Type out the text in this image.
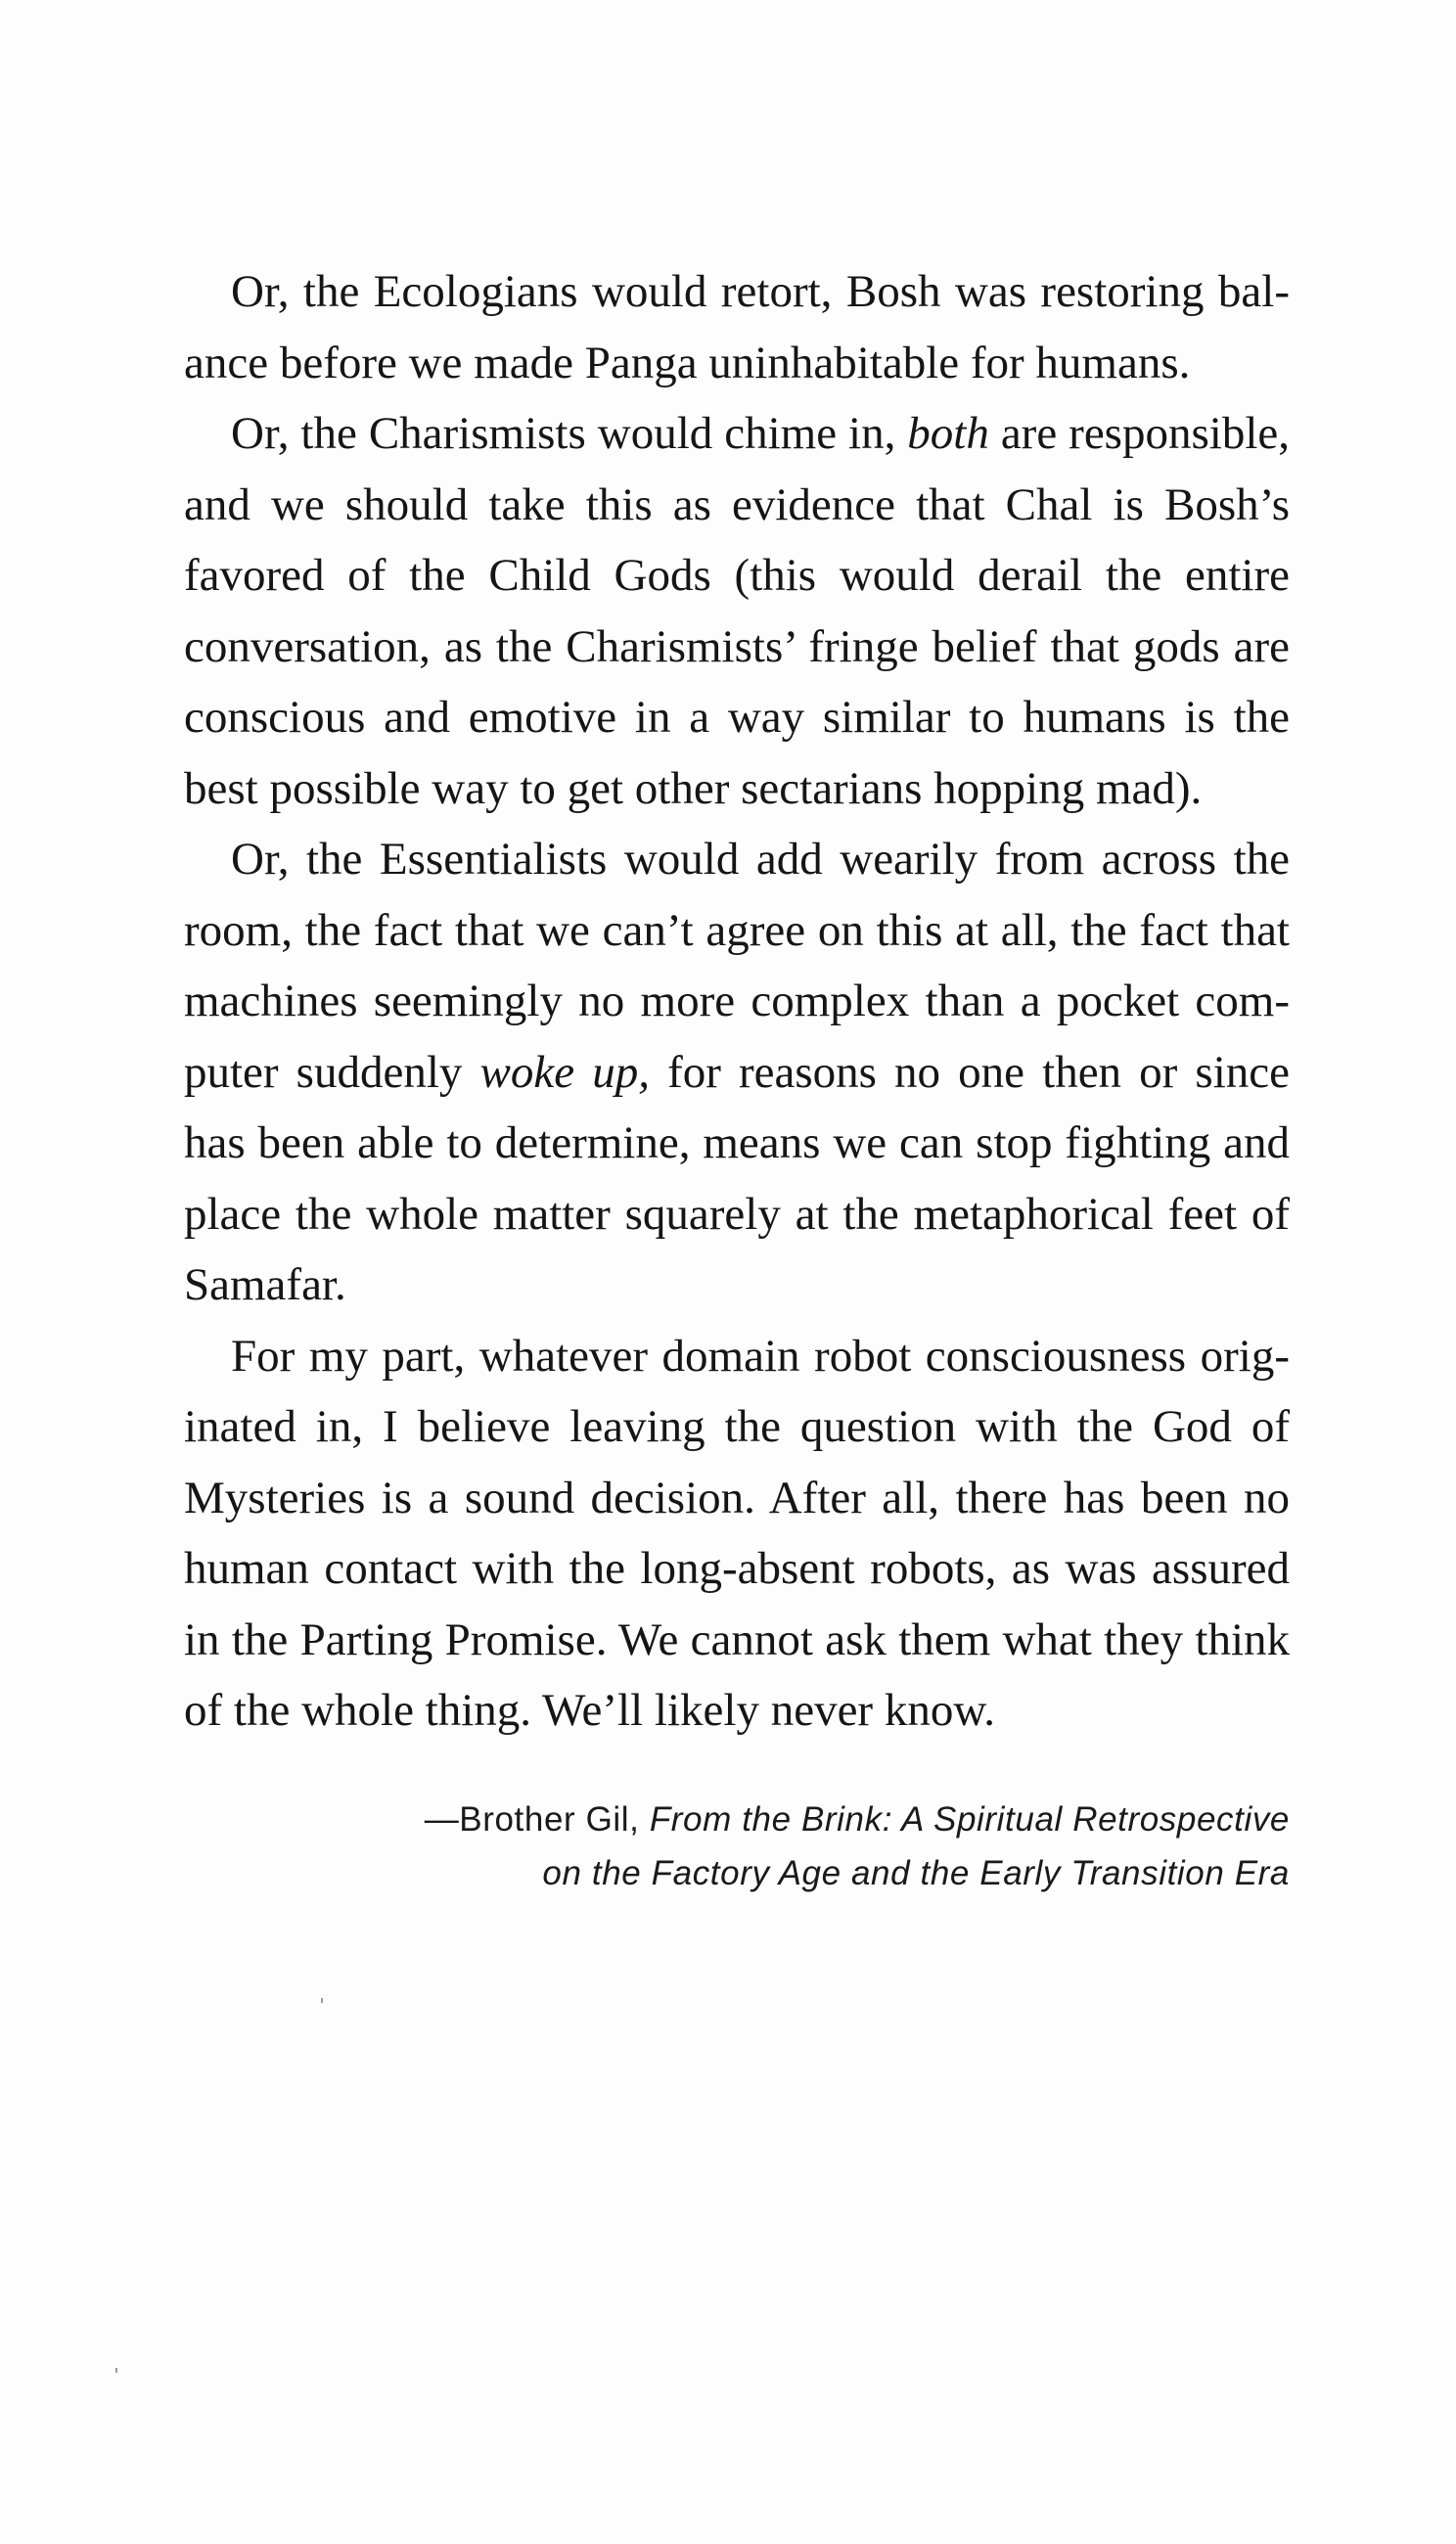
Or, the Ecologians would retort, Bosh was restoring balance before we made Panga uninhabitable for humans.

Or, the Charismists would chime in, both are responsible, and we should take this as evidence that Chal is Bosh’s favored of the Child Gods (this would derail the entire conversation, as the Charismists’ fringe belief that gods are conscious and emotive in a way similar to humans is the best possible way to get other sectarians hopping mad).

Or, the Essentialists would add wearily from across the room, the fact that we can’t agree on this at all, the fact that machines seemingly no more complex than a pocket computer suddenly woke up, for reasons no one then or since has been able to determine, means we can stop fighting and place the whole matter squarely at the metaphorical feet of Samafar.

For my part, whatever domain robot consciousness originated in, I believe leaving the question with the God of Mysteries is a sound decision. After all, there has been no human contact with the long-absent robots, as was assured in the Parting Promise. We cannot ask them what they think of the whole thing. We’ll likely never know.

—Brother Gil, From the Brink: A Spiritual Retrospective
on the Factory Age and the Early Transition Era
